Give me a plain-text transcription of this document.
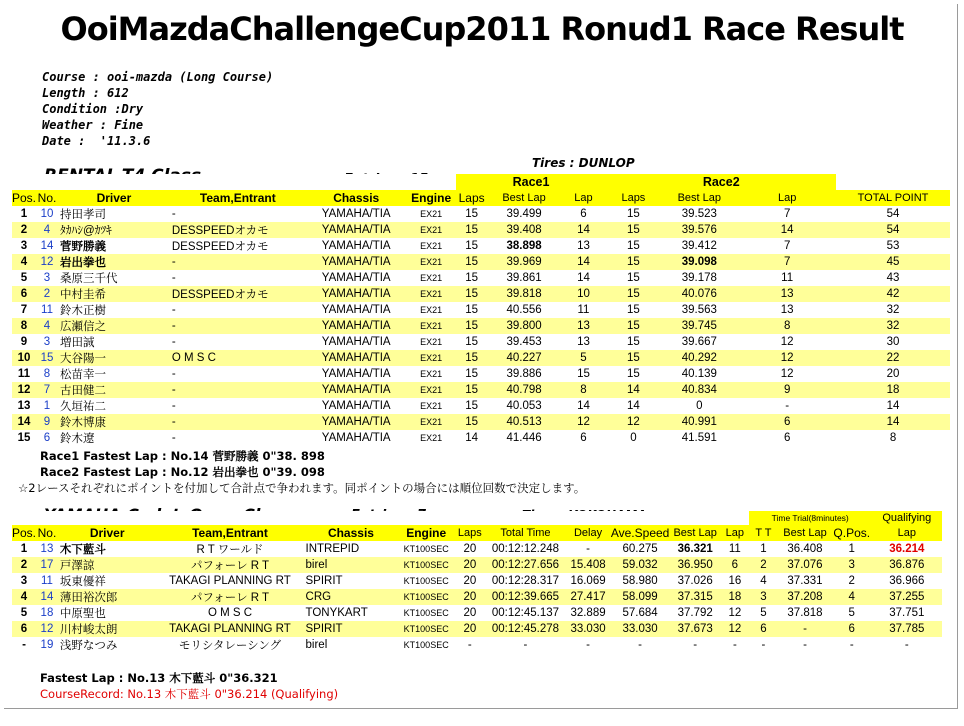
OoiMazdaChallengeCup2011 Ronud1 Race Result
Course : ooi-mazda (Long Course)
Length : 612
Condition :Dry
Weather : Fine
Date :  '11.3.6
Tires : DUNLOP
						Race1			Race2			
Pos.	No.	Driver	Team,Entrant	Chassis	Engine	Laps	Best Lap	Lap	Laps	Best Lap	Lap	TOTAL POINT
1	10	持田孝司	-	YAMAHA/TIA	EX21	15	39.499	6	15	39.523	7	54
2	4	ﾀｶﾊｼ@ｶﾂｷ	DESSPEEDオカモ	YAMAHA/TIA	EX21	15	39.408	14	15	39.576	14	54
3	14	菅野勝義	DESSPEEDオカモ	YAMAHA/TIA	EX21	15	38.898	13	15	39.412	7	53
4	12	岩出拳也	-	YAMAHA/TIA	EX21	15	39.969	14	15	39.098	7	45
5	3	桑原三千代	-	YAMAHA/TIA	EX21	15	39.861	14	15	39.178	11	43
6	2	中村圭希	DESSPEEDオカモ	YAMAHA/TIA	EX21	15	39.818	10	15	40.076	13	42
7	11	鈴木正樹	-	YAMAHA/TIA	EX21	15	40.556	11	15	39.563	13	32
8	4	広瀬信之	-	YAMAHA/TIA	EX21	15	39.800	13	15	39.745	8	32
9	3	増田誠	-	YAMAHA/TIA	EX21	15	39.453	13	15	39.667	12	30
10	15	大谷陽一	O M S C	YAMAHA/TIA	EX21	15	40.227	5	15	40.292	12	22
11	8	松苗幸一	-	YAMAHA/TIA	EX21	15	39.886	15	15	40.139	12	20
12	7	古田健二	-	YAMAHA/TIA	EX21	15	40.798	8	14	40.834	9	18
13	1	久垣祐二	-	YAMAHA/TIA	EX21	15	40.053	14	14	0	-	14
14	9	鈴木博康	-	YAMAHA/TIA	EX21	15	40.513	12	12	40.991	6	14
15	6	鈴木遼	-	YAMAHA/TIA	EX21	14	41.446	6	0	41.591	6	8
Race1 Fastest Lap : No.14 菅野勝義 0"38. 898
Race2 Fastest Lap : No.12 岩出拳也 0"39. 098
☆2レースそれぞれにポイントを付加して合計点で争われます。同ポイントの場合には順位回数で決定します。
												Time Trial(8minutes)			Qualifying
Pos.	No.	Driver	Team,Entrant	Chassis	Engine	Laps	Total Time	Delay	Ave.Speed	Best Lap	Lap	T T	Best Lap	Q.Pos.	Lap
1	13	木下藍斗	R T ワールド	INTREPID	KT100SEC	20	00:12:12.248	-	60.275	36.321	11	1	36.408	1	36.214
2	17	戸澤諒	パフォーレ R T	birel	KT100SEC	20	00:12:27.656	15.408	59.032	36.950	6	2	37.076	3	36.876
3	11	坂東優祥	TAKAGI PLANNING RT	SPIRIT	KT100SEC	20	00:12:28.317	16.069	58.980	37.026	16	4	37.331	2	36.966
4	14	薄田裕次郎	パフォーレ R T	CRG	KT100SEC	20	00:12:39.665	27.417	58.099	37.315	18	3	37.208	4	37.255
5	18	中原聖也	O M S C	TONYKART	KT100SEC	20	00:12:45.137	32.889	57.684	37.792	12	5	37.818	5	37.751
6	12	川村峻太朗	TAKAGI PLANNING RT	SPIRIT	KT100SEC	20	00:12:45.278	33.030	33.030	37.673	12	6	-	6	37.785
-	19	浅野なつみ	モリシタレーシング	birel	KT100SEC	-	-	-	-	-	-	-	-	-	-
Fastest Lap : No.13 木下藍斗 0"36.321
CourseRecord: No.13 木下藍斗 0"36.214 (Qualifying)
